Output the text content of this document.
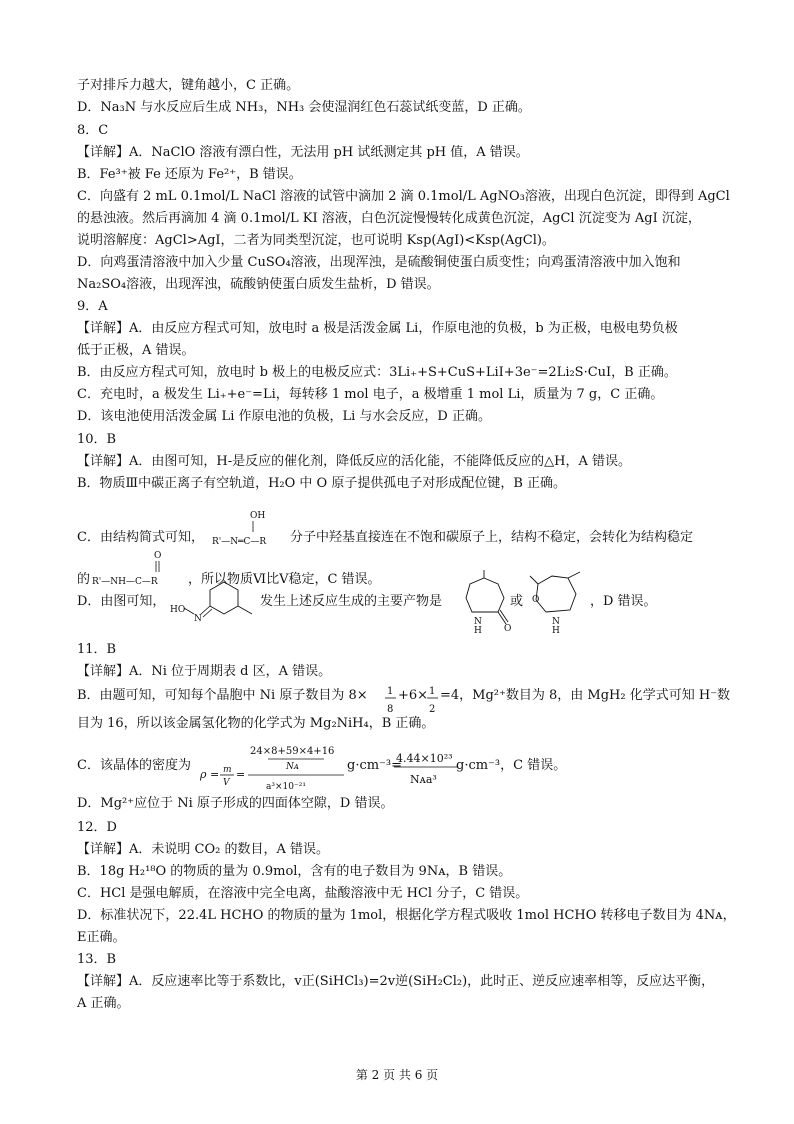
子对排斥力越大，键角越小，C 正确。
D．Na₃N 与水反应后生成 NH₃，NH₃ 会使湿润红色石蕊试纸变蓝，D 正确。
8．C
【详解】A．NaClO 溶液有漂白性，无法用 pH 试纸测定其 pH 值，A 错误。
B．Fe³⁺被 Fe 还原为 Fe²⁺，B 错误。
C．向盛有 2 mL 0.1mol/L NaCl 溶液的试管中滴加 2 滴 0.1mol/L AgNO₃溶液，出现白色沉淀，即得到 AgCl
的悬浊液。然后再滴加 4 滴 0.1mol/L KI 溶液，白色沉淀慢慢转化成黄色沉淀，AgCl 沉淀变为 AgI 沉淀，
说明溶解度：AgCl>AgI，二者为同类型沉淀，也可说明 Ksp(AgI)<Ksp(AgCl)。
D．向鸡蛋清溶液中加入少量 CuSO₄溶液，出现浑浊，是硫酸铜使蛋白质变性；向鸡蛋清溶液中加入饱和
Na₂SO₄溶液，出现浑浊，硫酸钠使蛋白质发生盐析，D 错误。
9．A
【详解】A．由反应方程式可知，放电时 a 极是活泼金属 Li，作原电池的负极，b 为正极，电极电势负极
低于正极，A 错误。
B．由反应方程式可知，放电时 b 极上的电极反应式：3Li₊+S+CuS+LiI+3e⁻=2Li₂S·CuI，B 正确。
C．充电时，a 极发生 Li₊+e⁻=Li，每转移 1 mol 电子，a 极增重 1 mol Li，质量为 7 g，C 正确。
D．该电池使用活泼金属 Li 作原电池的负极，Li 与水会反应，D 正确。
10．B
【详解】A．由图可知，H-是反应的催化剂，降低反应的活化能，不能降低反应的△H，A 错误。
B．物质Ⅲ中碳正离子有空轨道，H₂O 中 O 原子提供孤电子对形成配位键，B 正确。
C．由结构简式可知，
OH
R'—N═C—R 分子中羟基直接连在不饱和碳原子上，结构不稳定，会转化为结构稳定
的
O
R'—NH—C—R ，所以物质Ⅵ比Ⅴ稳定，C 错误。
D．由图可知，
HO
N
发生上述反应生成的主要产物是
N
H O
或 O
N
H
，D 错误。
11．B
【详解】A．Ni 位于周期表 d 区，A 错误。
B．由题可知，可知每个晶胞中 Ni 原子数目为 8× 1
8
+6× 1
2
=4，Mg²⁺数目为 8，由 MgH₂ 化学式可知 H⁻数
目为 16，所以该金属氢化物的化学式为 Mg₂NiH₄，B 正确。
C．该晶体的密度为
ρ = m
V
=
24×8+59×4+16
Nᴀ
a³×10⁻²¹
g·cm⁻³=
4.44×10²³
Nᴀa³
g·cm⁻³，C 错误。
D．Mg²⁺应位于 Ni 原子形成的四面体空隙，D 错误。
12．D
【详解】A．未说明 CO₂ 的数目，A 错误。
B．18g H₂¹⁸O 的物质的量为 0.9mol，含有的电子数目为 9Nᴀ，B 错误。
C．HCl 是强电解质，在溶液中完全电离，盐酸溶液中无 HCl 分子，C 错误。
D．标准状况下，22.4L HCHO 的物质的量为 1mol，根据化学方程式吸收 1mol HCHO 转移电子数目为 4Nᴀ，
E正确。
13．B
【详解】A．反应速率比等于系数比，v正(SiHCl₃)=2v逆(SiH₂Cl₂)，此时正、逆反应速率相等，反应达平衡，
A 正确。
第 2 页 共 6 页
